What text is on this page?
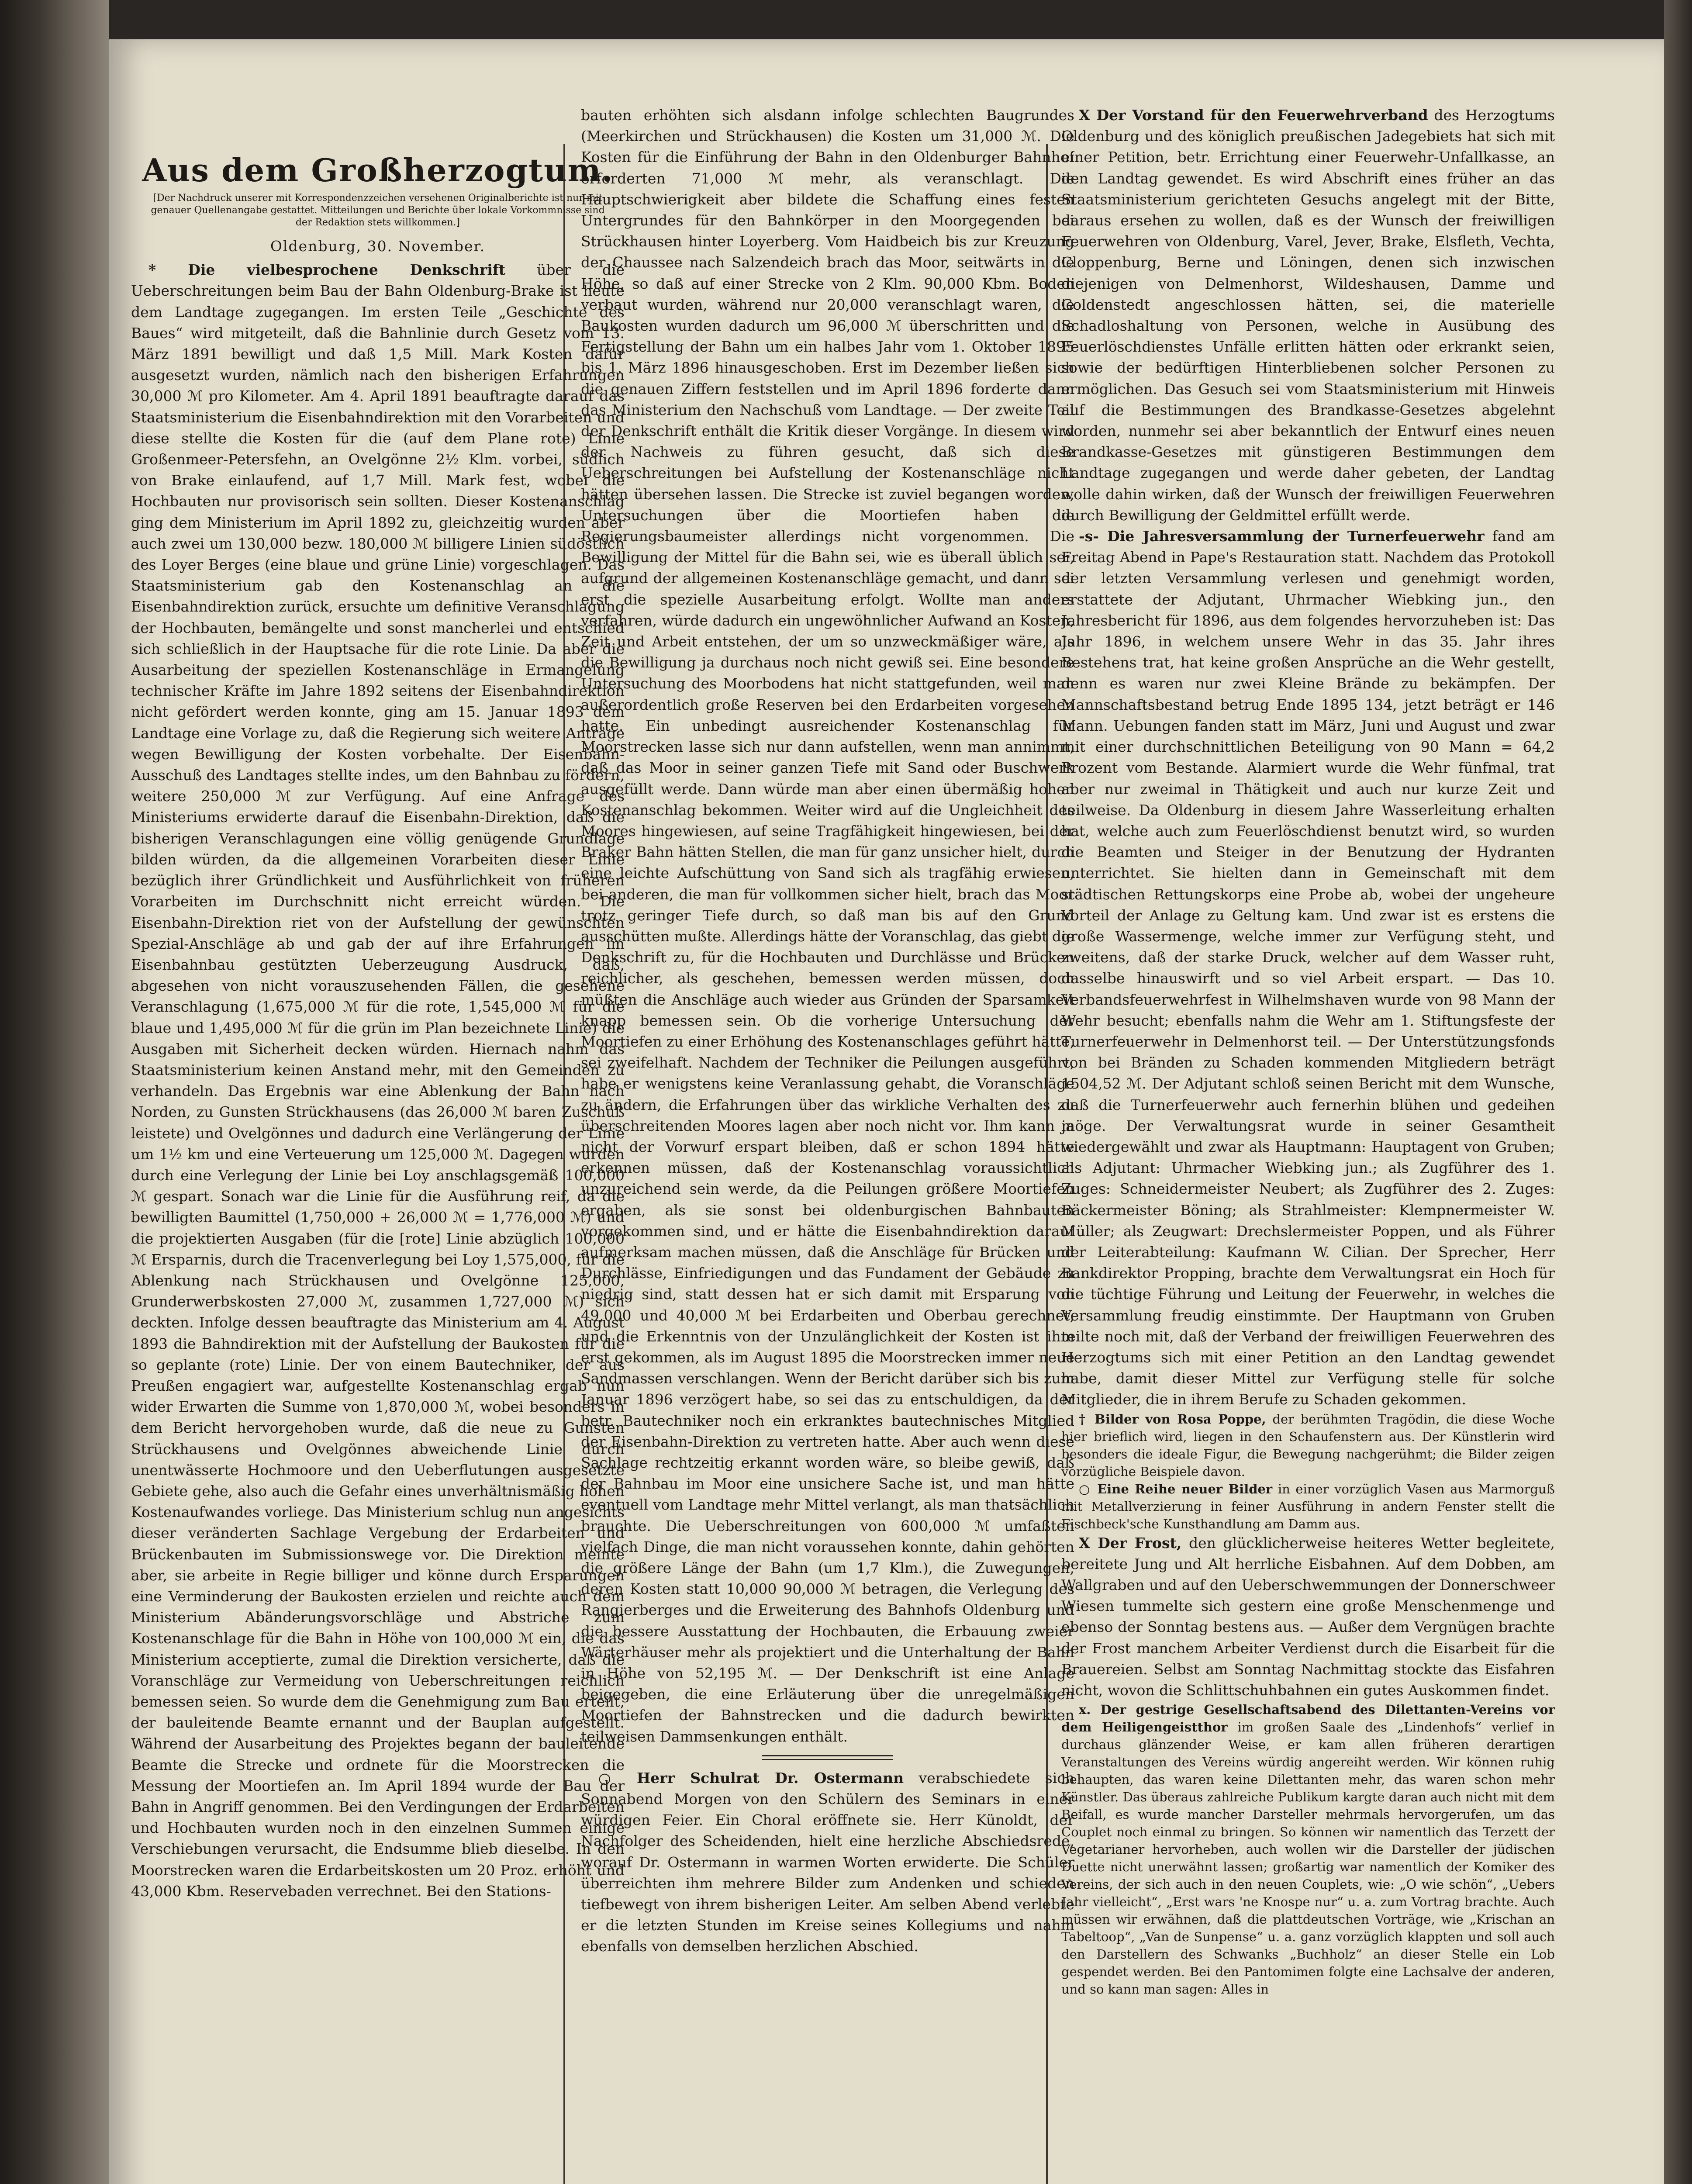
Aus dem Großherzogtum.
[Der Nachdruck unserer mit Korrespondenzzeichen versehenen Originalberichte ist nur mit genauer Quellenangabe gestattet. Mitteilungen und Berichte über lokale Vorkommnisse sind der Redaktion stets willkommen.]
Oldenburg, 30. November.

* Die vielbesprochene Denkschrift über die Ueberschreitungen beim Bau der Bahn Oldenburg-Brake ist heute dem Landtage zugegangen. Im ersten Teile „Geschichte des Baues“ wird mitgeteilt, daß die Bahnlinie durch Gesetz vom 13. März 1891 bewilligt und daß 1,5 Mill. Mark Kosten dafür ausgesetzt wurden, nämlich nach den bisherigen Erfahrungen 30,000 ℳ pro Kilometer. Am 4. April 1891 beauftragte darauf das Staatsministerium die Eisenbahndirektion mit den Vorarbeiten und diese stellte die Kosten für die (auf dem Plane rote) Linie Großenmeer-Petersfehn, an Ovelgönne 2½ Klm. vorbei, südlich von Brake einlaufend, auf 1,7 Mill. Mark fest, wobei die Hochbauten nur provisorisch sein sollten. Dieser Kostenanschlag ging dem Ministerium im April 1892 zu, gleichzeitig wurden aber auch zwei um 130,000 bezw. 180,000 ℳ billigere Linien südöstlich des Loyer Berges (eine blaue und grüne Linie) vorgeschlagen. Das Staatsministerium gab den Kostenanschlag an die Eisenbahndirektion zurück, ersuchte um definitive Veranschlagung der Hochbauten, bemängelte und sonst mancherlei und entschied sich schließlich in der Hauptsache für die rote Linie. Da aber die Ausarbeitung der speziellen Kostenanschläge in Ermangelung technischer Kräfte im Jahre 1892 seitens der Eisenbahndirektion nicht gefördert werden konnte, ging am 15. Januar 1893 dem Landtage eine Vorlage zu, daß die Regierung sich weitere Anträge wegen Bewilligung der Kosten vorbehalte. Der Eisenbahn-Ausschuß des Landtages stellte indes, um den Bahnbau zu fördern, weitere 250,000 ℳ zur Verfügung. Auf eine Anfrage des Ministeriums erwiderte darauf die Eisenbahn-Direktion, daß die bisherigen Veranschlagungen eine völlig genügende Grundlage bilden würden, da die allgemeinen Vorarbeiten dieser Linie bezüglich ihrer Gründlichkeit und Ausführlichkeit von früheren Vorarbeiten im Durchschnitt nicht erreicht würden. Die Eisenbahn-Direktion riet von der Aufstellung der gewünschten Spezial-Anschläge ab und gab der auf ihre Erfahrungen im Eisenbahnbau gestützten Ueberzeugung Ausdruck, daß, abgesehen von nicht vorauszusehenden Fällen, die gesehene Veranschlagung (1,675,000 ℳ für die rote, 1,545,000 ℳ für die blaue und 1,495,000 ℳ für die grün im Plan bezeichnete Linie) die Ausgaben mit Sicherheit decken würden. Hiernach nahm das Staatsministerium keinen Anstand mehr, mit den Gemeinden zu verhandeln. Das Ergebnis war eine Ablenkung der Bahn nach Norden, zu Gunsten Strückhausens (das 26,000 ℳ baren Zuschuß leistete) und Ovelgönnes und dadurch eine Verlängerung der Linie um 1½ km und eine Verteuerung um 125,000 ℳ. Dagegen wurden durch eine Verlegung der Linie bei Loy anschlagsgemäß 100,000 ℳ gespart. Sonach war die Linie für die Ausführung reif, da die bewilligten Baumittel (1,750,000 + 26,000 ℳ = 1,776,000 ℳ) und die projektierten Ausgaben (für die [rote] Linie abzüglich 100,000 ℳ Ersparnis, durch die Tracenverlegung bei Loy 1,575,000, für die Ablenkung nach Strückhausen und Ovelgönne 125,000, Grunderwerbskosten 27,000 ℳ, zusammen 1,727,000 ℳ) sich deckten. Infolge dessen beauftragte das Ministerium am 4. August 1893 die Bahndirektion mit der Aufstellung der Baukosten für die so geplante (rote) Linie. Der von einem Bautechniker, der aus Preußen engagiert war, aufgestellte Kostenanschlag ergab nun wider Erwarten die Summe von 1,870,000 ℳ, wobei besonders in dem Bericht hervorgehoben wurde, daß die neue zu Gunsten Strückhausens und Ovelgönnes abweichende Linie durch unentwässerte Hochmoore und den Ueberflutungen ausgesetzte Gebiete gehe, also auch die Gefahr eines unverhältnismäßig hohen Kostenaufwandes vorliege. Das Ministerium schlug nun angesichts dieser veränderten Sachlage Vergebung der Erdarbeiten und Brückenbauten im Submissionswege vor. Die Direktion meinte aber, sie arbeite in Regie billiger und könne durch Ersparungen eine Verminderung der Baukosten erzielen und reichte auch dem Ministerium Abänderungsvorschläge und Abstriche zum Kostenanschlage für die Bahn in Höhe von 100,000 ℳ ein, die das Ministerium acceptierte, zumal die Direktion versicherte, daß die Voranschläge zur Vermeidung von Ueberschreitungen reichlich bemessen seien. So wurde dem die Genehmigung zum Bau erteilt, der bauleitende Beamte ernannt und der Bauplan aufgestellt. Während der Ausarbeitung des Projektes begann der bauleitende Beamte die Strecke und ordnete für die Moorstrecken die Messung der Moortiefen an. Im April 1894 wurde der Bau der Bahn in Angriff genommen. Bei den Verdingungen der Erdarbeiten und Hochbauten wurden noch in den einzelnen Summen einige Verschiebungen verursacht, die Endsumme blieb dieselbe. In den Moorstrecken waren die Erdarbeitskosten um 20 Proz. erhöht und 43,000 Kbm. Reservebaden verrechnet. Bei den Stations-

bauten erhöhten sich alsdann infolge schlechten Baugrundes (Meerkirchen und Strückhausen) die Kosten um 31,000 ℳ. Die Kosten für die Einführung der Bahn in den Oldenburger Bahnhof erforderten 71,000 ℳ mehr, als veranschlagt. Die Hauptschwierigkeit aber bildete die Schaffung eines festen Untergrundes für den Bahnkörper in den Moorgegenden bei Strückhausen hinter Loyerberg. Vom Haidbeich bis zur Kreuzung der Chaussee nach Salzendeich brach das Moor, seitwärts in die Höhe, so daß auf einer Strecke von 2 Klm. 90,000 Kbm. Boden verbaut wurden, während nur 20,000 veranschlagt waren, die Baukosten wurden dadurch um 96,000 ℳ überschritten und die Fertigstellung der Bahn um ein halbes Jahr vom 1. Oktober 1895 bis 1. März 1896 hinausgeschoben. Erst im Dezember ließen sich die genauen Ziffern feststellen und im April 1896 forderte dann das Ministerium den Nachschuß vom Landtage. — Der zweite Teil der Denkschrift enthält die Kritik dieser Vorgänge. In diesem wird der Nachweis zu führen gesucht, daß sich diese Ueberschreitungen bei Aufstellung der Kostenanschläge nicht hätten übersehen lassen. Die Strecke ist zuviel begangen worden, Untersuchungen über die Moortiefen haben die Regierungsbaumeister allerdings nicht vorgenommen. Die Bewilligung der Mittel für die Bahn sei, wie es überall üblich sei, aufgrund der allgemeinen Kostenanschläge gemacht, und dann sei erst die spezielle Ausarbeitung erfolgt. Wollte man anders verfahren, würde dadurch ein ungewöhnlicher Aufwand an Kosten, Zeit und Arbeit entstehen, der um so unzweckmäßiger wäre, als die Bewilligung ja durchaus noch nicht gewiß sei. Eine besondere Untersuchung des Moorbodens hat nicht stattgefunden, weil man außerordentlich große Reserven bei den Erdarbeiten vorgesehen hatte. Ein unbedingt ausreichender Kostenanschlag für Moorstrecken lasse sich nur dann aufstellen, wenn man annimmt, daß das Moor in seiner ganzen Tiefe mit Sand oder Buschwerk ausgefüllt werde. Dann würde man aber einen übermäßig hohen Kostenanschlag bekommen. Weiter wird auf die Ungleichheit des Moores hingewiesen, auf seine Tragfähigkeit hingewiesen, bei der Braker Bahn hätten Stellen, die man für ganz unsicher hielt, durch eine leichte Aufschüttung von Sand sich als tragfähig erwiesen, bei anderen, die man für vollkommen sicher hielt, brach das Moor trotz geringer Tiefe durch, so daß man bis auf den Grund ausschütten mußte. Allerdings hätte der Voranschlag, das giebt die Denkschrift zu, für die Hochbauten und Durchlässe und Brücken reichlicher, als geschehen, bemessen werden müssen, doch müßten die Anschläge auch wieder aus Gründen der Sparsamkeit knapp bemessen sein. Ob die vorherige Untersuchung der Moortiefen zu einer Erhöhung des Kostenanschlages geführt hätte, sei zweifelhaft. Nachdem der Techniker die Peilungen ausgeführt, habe er wenigstens keine Veranlassung gehabt, die Voranschläge zu ändern, die Erfahrungen über das wirkliche Verhalten des zu überschreitenden Moores lagen aber noch nicht vor. Ihm kann ja nicht der Vorwurf erspart bleiben, daß er schon 1894 hätte erkennen müssen, daß der Kostenanschlag voraussichtlich unzureichend sein werde, da die Peilungen größere Moortiefen ergaben, als sie sonst bei oldenburgischen Bahnbauten vorgekommen sind, und er hätte die Eisenbahndirektion darauf aufmerksam machen müssen, daß die Anschläge für Brücken und Durchlässe, Einfriedigungen und das Fundament der Gebäude zu niedrig sind, statt dessen hat er sich damit mit Ersparung von 49,000 und 40,000 ℳ bei Erdarbeiten und Oberbau gerechnet, und die Erkenntnis von der Unzulänglichkeit der Kosten ist ihm erst gekommen, als im August 1895 die Moorstrecken immer neue Sandmassen verschlangen. Wenn der Bericht darüber sich bis zum Januar 1896 verzögert habe, so sei das zu entschuldigen, da der betr. Bautechniker noch ein erkranktes bautechnisches Mitglied der Eisenbahn-Direktion zu vertreten hatte. Aber auch wenn diese Sachlage rechtzeitig erkannt worden wäre, so bleibe gewiß, daß der Bahnbau im Moor eine unsichere Sache ist, und man hätte eventuell vom Landtage mehr Mittel verlangt, als man thatsächlich brauchte. Die Ueberschreitungen von 600,000 ℳ umfaßten vielfach Dinge, die man nicht voraussehen konnte, dahin gehörten die größere Länge der Bahn (um 1,7 Klm.), die Zuwegungen, deren Kosten statt 10,000 90,000 ℳ betragen, die Verlegung des Rangierberges und die Erweiterung des Bahnhofs Oldenburg und die bessere Ausstattung der Hochbauten, die Erbauung zweier Wärterhäuser mehr als projektiert und die Unterhaltung der Bahn in Höhe von 52,195 ℳ. — Der Denkschrift ist eine Anlage beigegeben, die eine Erläuterung über die unregelmäßigen Moortiefen der Bahnstrecken und die dadurch bewirkten teilweisen Dammsenkungen enthält.

○ Herr Schulrat Dr. Ostermann verabschiedete sich Sonnabend Morgen von den Schülern des Seminars in einer würdigen Feier. Ein Choral eröffnete sie. Herr Künoldt, der Nachfolger des Scheidenden, hielt eine herzliche Abschiedsrede, worauf Dr. Ostermann in warmen Worten erwiderte. Die Schüler überreichten ihm mehrere Bilder zum Andenken und schieden tiefbewegt von ihrem bisherigen Leiter. Am selben Abend verlebte er die letzten Stunden im Kreise seines Kollegiums und nahm ebenfalls von demselben herzlichen Abschied.

X Der Vorstand für den Feuerwehrverband des Herzogtums Oldenburg und des königlich preußischen Jadegebiets hat sich mit einer Petition, betr. Errichtung einer Feuerwehr-Unfallkasse, an den Landtag gewendet. Es wird Abschrift eines früher an das Staatsministerium gerichteten Gesuchs angelegt mit der Bitte, daraus ersehen zu wollen, daß es der Wunsch der freiwilligen Feuerwehren von Oldenburg, Varel, Jever, Brake, Elsfleth, Vechta, Cloppenburg, Berne und Löningen, denen sich inzwischen diejenigen von Delmenhorst, Wildeshausen, Damme und Goldenstedt angeschlossen hätten, sei, die materielle Schadloshaltung von Personen, welche in Ausübung des Feuerlöschdienstes Unfälle erlitten hätten oder erkrankt seien, sowie der bedürftigen Hinterbliebenen solcher Personen zu ermöglichen. Das Gesuch sei vom Staatsministerium mit Hinweis auf die Bestimmungen des Brandkasse-Gesetzes abgelehnt worden, nunmehr sei aber bekanntlich der Entwurf eines neuen Brandkasse-Gesetzes mit günstigeren Bestimmungen dem Landtage zugegangen und werde daher gebeten, der Landtag wolle dahin wirken, daß der Wunsch der freiwilligen Feuerwehren durch Bewilligung der Geldmittel erfüllt werde.

-s- Die Jahresversammlung der Turnerfeuerwehr fand am Freitag Abend in Pape's Restauration statt. Nachdem das Protokoll der letzten Versammlung verlesen und genehmigt worden, erstattete der Adjutant, Uhrmacher Wiebking jun., den Jahresbericht für 1896, aus dem folgendes hervorzuheben ist: Das Jahr 1896, in welchem unsere Wehr in das 35. Jahr ihres Bestehens trat, hat keine großen Ansprüche an die Wehr gestellt, denn es waren nur zwei Kleine Brände zu bekämpfen. Der Mannschaftsbestand betrug Ende 1895 134, jetzt beträgt er 146 Mann. Uebungen fanden statt im März, Juni und August und zwar mit einer durchschnittlichen Beteiligung von 90 Mann = 64,2 Prozent vom Bestande. Alarmiert wurde die Wehr fünfmal, trat aber nur zweimal in Thätigkeit und auch nur kurze Zeit und teilweise. Da Oldenburg in diesem Jahre Wasserleitung erhalten hat, welche auch zum Feuerlöschdienst benutzt wird, so wurden die Beamten und Steiger in der Benutzung der Hydranten unterrichtet. Sie hielten dann in Gemeinschaft mit dem städtischen Rettungskorps eine Probe ab, wobei der ungeheure Vorteil der Anlage zu Geltung kam. Und zwar ist es erstens die große Wassermenge, welche immer zur Verfügung steht, und zweitens, daß der starke Druck, welcher auf dem Wasser ruht, dasselbe hinauswirft und so viel Arbeit erspart. — Das 10. Verbandsfeuerwehrfest in Wilhelmshaven wurde von 98 Mann der Wehr besucht; ebenfalls nahm die Wehr am 1. Stiftungsfeste der Turnerfeuerwehr in Delmenhorst teil. — Der Unterstützungsfonds von bei Bränden zu Schaden kommenden Mitgliedern beträgt 1504,52 ℳ. Der Adjutant schloß seinen Bericht mit dem Wunsche, daß die Turnerfeuerwehr auch fernerhin blühen und gedeihen möge. Der Verwaltungsrat wurde in seiner Gesamtheit wiedergewählt und zwar als Hauptmann: Hauptagent von Gruben; als Adjutant: Uhrmacher Wiebking jun.; als Zugführer des 1. Zuges: Schneidermeister Neubert; als Zugführer des 2. Zuges: Bäckermeister Böning; als Strahlmeister: Klempnermeister W. Müller; als Zeugwart: Drechslermeister Poppen, und als Führer der Leiterabteilung: Kaufmann W. Cilian. Der Sprecher, Herr Bankdirektor Propping, brachte dem Verwaltungsrat ein Hoch für die tüchtige Führung und Leitung der Feuerwehr, in welches die Versammlung freudig einstimmte. Der Hauptmann von Gruben teilte noch mit, daß der Verband der freiwilligen Feuerwehren des Herzogtums sich mit einer Petition an den Landtag gewendet habe, damit dieser Mittel zur Verfügung stelle für solche Mitglieder, die in ihrem Berufe zu Schaden gekommen.

† Bilder von Rosa Poppe, der berühmten Tragödin, die diese Woche hier brieflich wird, liegen in den Schaufenstern aus. Der Künstlerin wird besonders die ideale Figur, die Bewegung nachgerühmt; die Bilder zeigen vorzügliche Beispiele davon.

○ Eine Reihe neuer Bilder in einer vorzüglich Vasen aus Marmorguß mit Metallverzierung in feiner Ausführung in andern Fenster stellt die Fischbeck'sche Kunsthandlung am Damm aus.

X Der Frost, den glücklicherweise heiteres Wetter begleitete, bereitete Jung und Alt herrliche Eisbahnen. Auf dem Dobben, am Wallgraben und auf den Ueberschwemmungen der Donnerschweer Wiesen tummelte sich gestern eine große Menschenmenge und ebenso der Sonntag bestens aus. — Außer dem Vergnügen brachte der Frost manchem Arbeiter Verdienst durch die Eisarbeit für die Brauereien. Selbst am Sonntag Nachmittag stockte das Eisfahren nicht, wovon die Schlittschuhbahnen ein gutes Auskommen findet.

x. Der gestrige Gesellschaftsabend des Dilettanten-Vereins vor dem Heiligengeistthor im großen Saale des „Lindenhofs“ verlief in durchaus glänzender Weise, er kam allen früheren derartigen Veranstaltungen des Vereins würdig angereiht werden. Wir können ruhig behaupten, das waren keine Dilettanten mehr, das waren schon mehr Künstler. Das überaus zahlreiche Publikum kargte daran auch nicht mit dem Beifall, es wurde mancher Darsteller mehrmals hervorgerufen, um das Couplet noch einmal zu bringen. So können wir namentlich das Terzett der Vegetarianer hervorheben, auch wollen wir die Darsteller der jüdischen Duette nicht unerwähnt lassen; großartig war namentlich der Komiker des Vereins, der sich auch in den neuen Couplets, wie: „O wie schön“, „Uebers Jahr vielleicht“, „Erst wars 'ne Knospe nur“ u. a. zum Vortrag brachte. Auch müssen wir erwähnen, daß die plattdeutschen Vorträge, wie „Krischan an Tabeltoop“, „Van de Sunpense“ u. a. ganz vorzüglich klappten und soll auch den Darstellern des Schwanks „Buchholz“ an dieser Stelle ein Lob gespendet werden. Bei den Pantomimen folgte eine Lachsalve der anderen, und so kann man sagen: Alles in
